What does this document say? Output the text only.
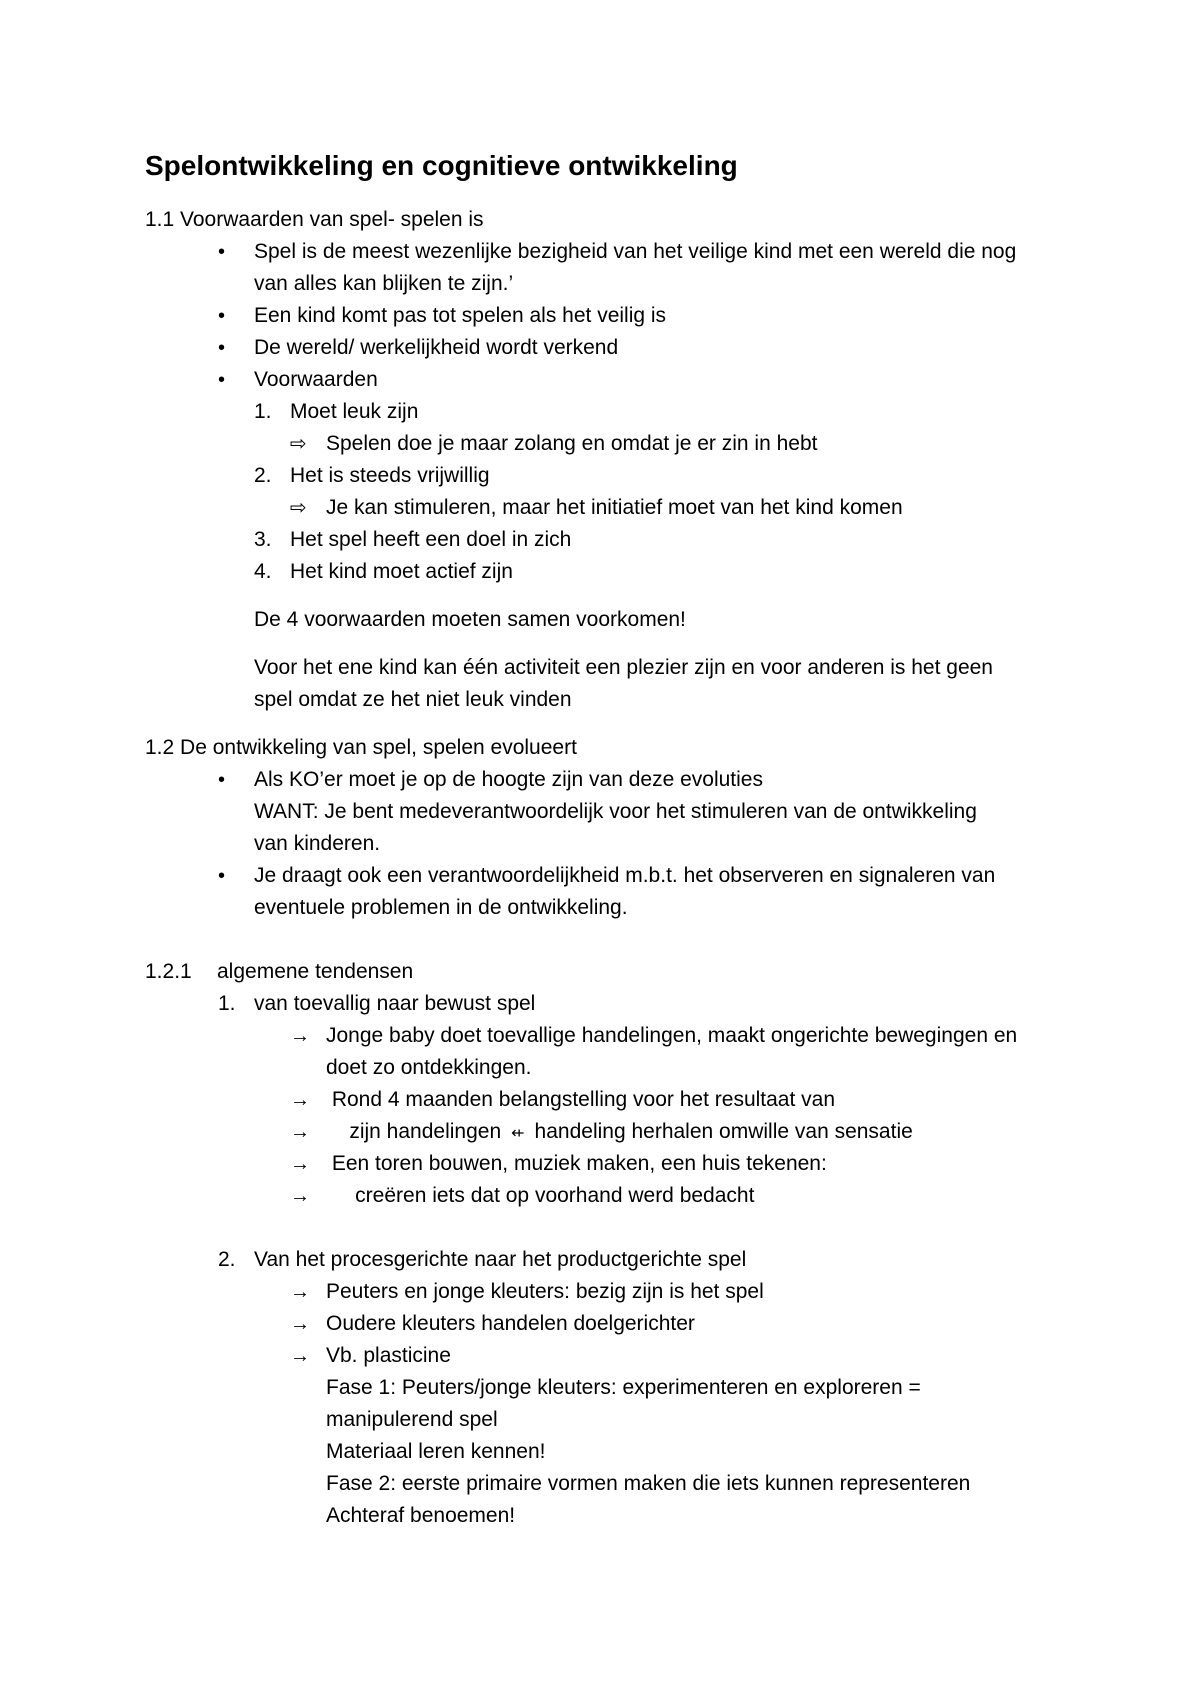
Spelontwikkeling en cognitieve ontwikkeling
1.1 Voorwaarden van spel- spelen is
•	Spel is de meest wezenlijke bezigheid van het veilige kind met een wereld die nog
van alles kan blijken te zijn.’
•	Een kind komt pas tot spelen als het veilig is
•	De wereld/ werkelijkheid wordt verkend
•	Voorwaarden
1. Moet leuk zijn
⇨ Spelen doe je maar zolang en omdat je er zin in hebt
2. Het is steeds vrijwillig
⇨ Je kan stimuleren, maar het initiatief moet van het kind komen
3. Het spel heeft een doel in zich
4. Het kind moet actief zijn
De 4 voorwaarden moeten samen voorkomen!
Voor het ene kind kan één activiteit een plezier zijn en voor anderen is het geen
spel omdat ze het niet leuk vinden
1.2 De ontwikkeling van spel, spelen evolueert
•	Als KO’er moet je op de hoogte zijn van deze evoluties
WANT: Je bent medeverantwoordelijk voor het stimuleren van de ontwikkeling
van kinderen.
•	Je draagt ook een verantwoordelijkheid m.b.t. het observeren en signaleren van
eventuele problemen in de ontwikkeling.
1.2.1 algemene tendensen
1. van toevallig naar bewust spel
→ Jonge baby doet toevallige handelingen, maakt ongerichte bewegingen en
doet zo ontdekkingen.
→ Rond 4 maanden belangstelling voor het resultaat van
→ zijn handelingen ⇷ handeling herhalen omwille van sensatie
→ Een toren bouwen, muziek maken, een huis tekenen:
→ creëren iets dat op voorhand werd bedacht
2. Van het procesgerichte naar het productgerichte spel
→ Peuters en jonge kleuters: bezig zijn is het spel
→ Oudere kleuters handelen doelgerichter
→ Vb. plasticine
Fase 1: Peuters/jonge kleuters: experimenteren en exploreren =
manipulerend spel
Materiaal leren kennen!
Fase 2: eerste primaire vormen maken die iets kunnen representeren
Achteraf benoemen!
